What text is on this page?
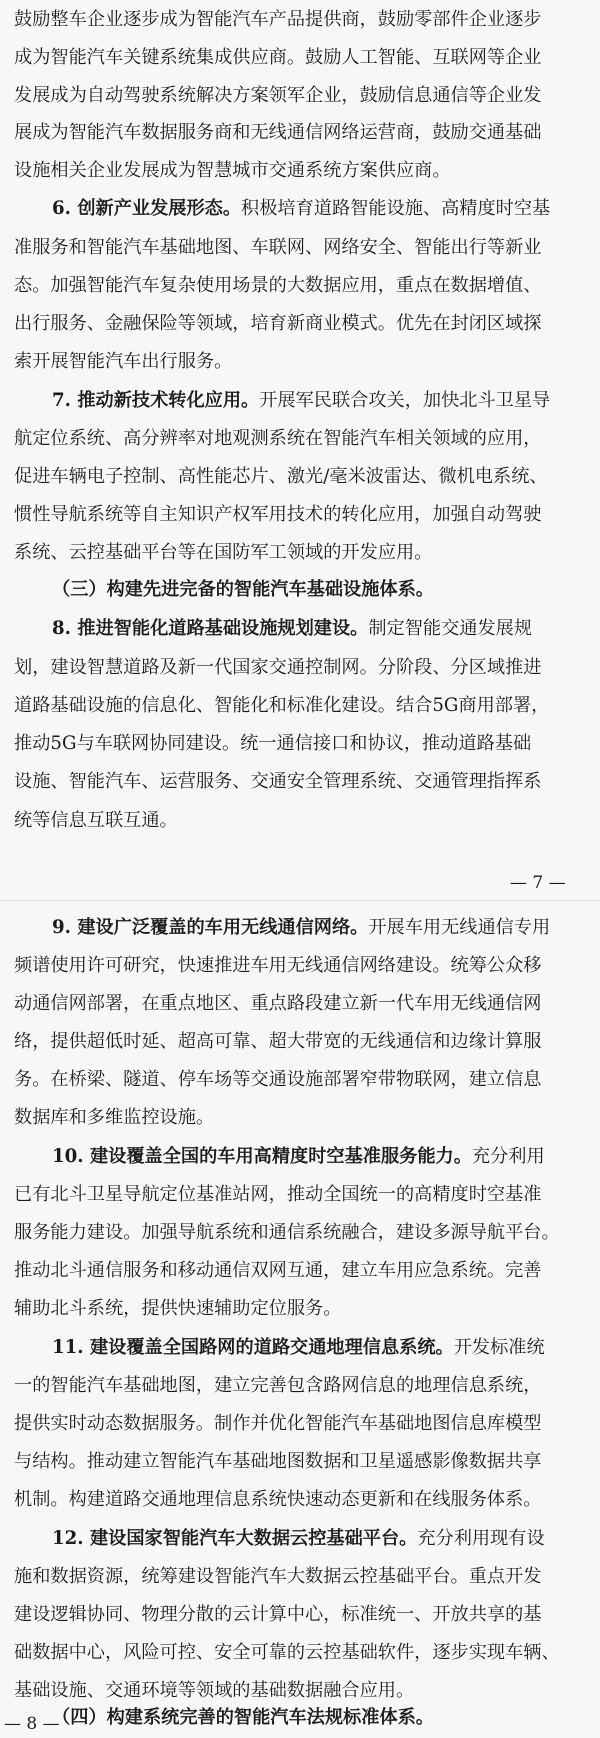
鼓励整车企业逐步成为智能汽车产品提供商，鼓励零部件企业逐步
成为智能汽车关键系统集成供应商。鼓励人工智能、互联网等企业
发展成为自动驾驶系统解决方案领军企业，鼓励信息通信等企业发
展成为智能汽车数据服务商和无线通信网络运营商，鼓励交通基础
设施相关企业发展成为智慧城市交通系统方案供应商。
6. 创新产业发展形态。积极培育道路智能设施、高精度时空基
准服务和智能汽车基础地图、车联网、网络安全、智能出行等新业
态。加强智能汽车复杂使用场景的大数据应用，重点在数据增值、
出行服务、金融保险等领域，培育新商业模式。优先在封闭区域探
索开展智能汽车出行服务。
7. 推动新技术转化应用。开展军民联合攻关，加快北斗卫星导
航定位系统、高分辨率对地观测系统在智能汽车相关领域的应用，
促进车辆电子控制、高性能芯片、激光/毫米波雷达、微机电系统、
惯性导航系统等自主知识产权军用技术的转化应用，加强自动驾驶
系统、云控基础平台等在国防军工领域的开发应用。
（三）构建先进完备的智能汽车基础设施体系。
8. 推进智能化道路基础设施规划建设。制定智能交通发展规
划，建设智慧道路及新一代国家交通控制网。分阶段、分区域推进
道路基础设施的信息化、智能化和标准化建设。结合5G商用部署，
推动5G与车联网协同建设。统一通信接口和协议，推动道路基础
设施、智能汽车、运营服务、交通安全管理系统、交通管理指挥系
统等信息互联互通。
— 7 —
9. 建设广泛覆盖的车用无线通信网络。开展车用无线通信专用
频谱使用许可研究，快速推进车用无线通信网络建设。统筹公众移
动通信网部署，在重点地区、重点路段建立新一代车用无线通信网
络，提供超低时延、超高可靠、超大带宽的无线通信和边缘计算服
务。在桥梁、隧道、停车场等交通设施部署窄带物联网，建立信息
数据库和多维监控设施。
10. 建设覆盖全国的车用高精度时空基准服务能力。充分利用
已有北斗卫星导航定位基准站网，推动全国统一的高精度时空基准
服务能力建设。加强导航系统和通信系统融合，建设多源导航平台。
推动北斗通信服务和移动通信双网互通，建立车用应急系统。完善
辅助北斗系统，提供快速辅助定位服务。
11. 建设覆盖全国路网的道路交通地理信息系统。开发标准统
一的智能汽车基础地图，建立完善包含路网信息的地理信息系统，
提供实时动态数据服务。制作并优化智能汽车基础地图信息库模型
与结构。推动建立智能汽车基础地图数据和卫星遥感影像数据共享
机制。构建道路交通地理信息系统快速动态更新和在线服务体系。
12. 建设国家智能汽车大数据云控基础平台。充分利用现有设
施和数据资源，统筹建设智能汽车大数据云控基础平台。重点开发
建设逻辑协同、物理分散的云计算中心，标准统一、开放共享的基
础数据中心，风险可控、安全可靠的云控基础软件，逐步实现车辆、
基础设施、交通环境等领域的基础数据融合应用。
（四）构建系统完善的智能汽车法规标准体系。
— 8 —
